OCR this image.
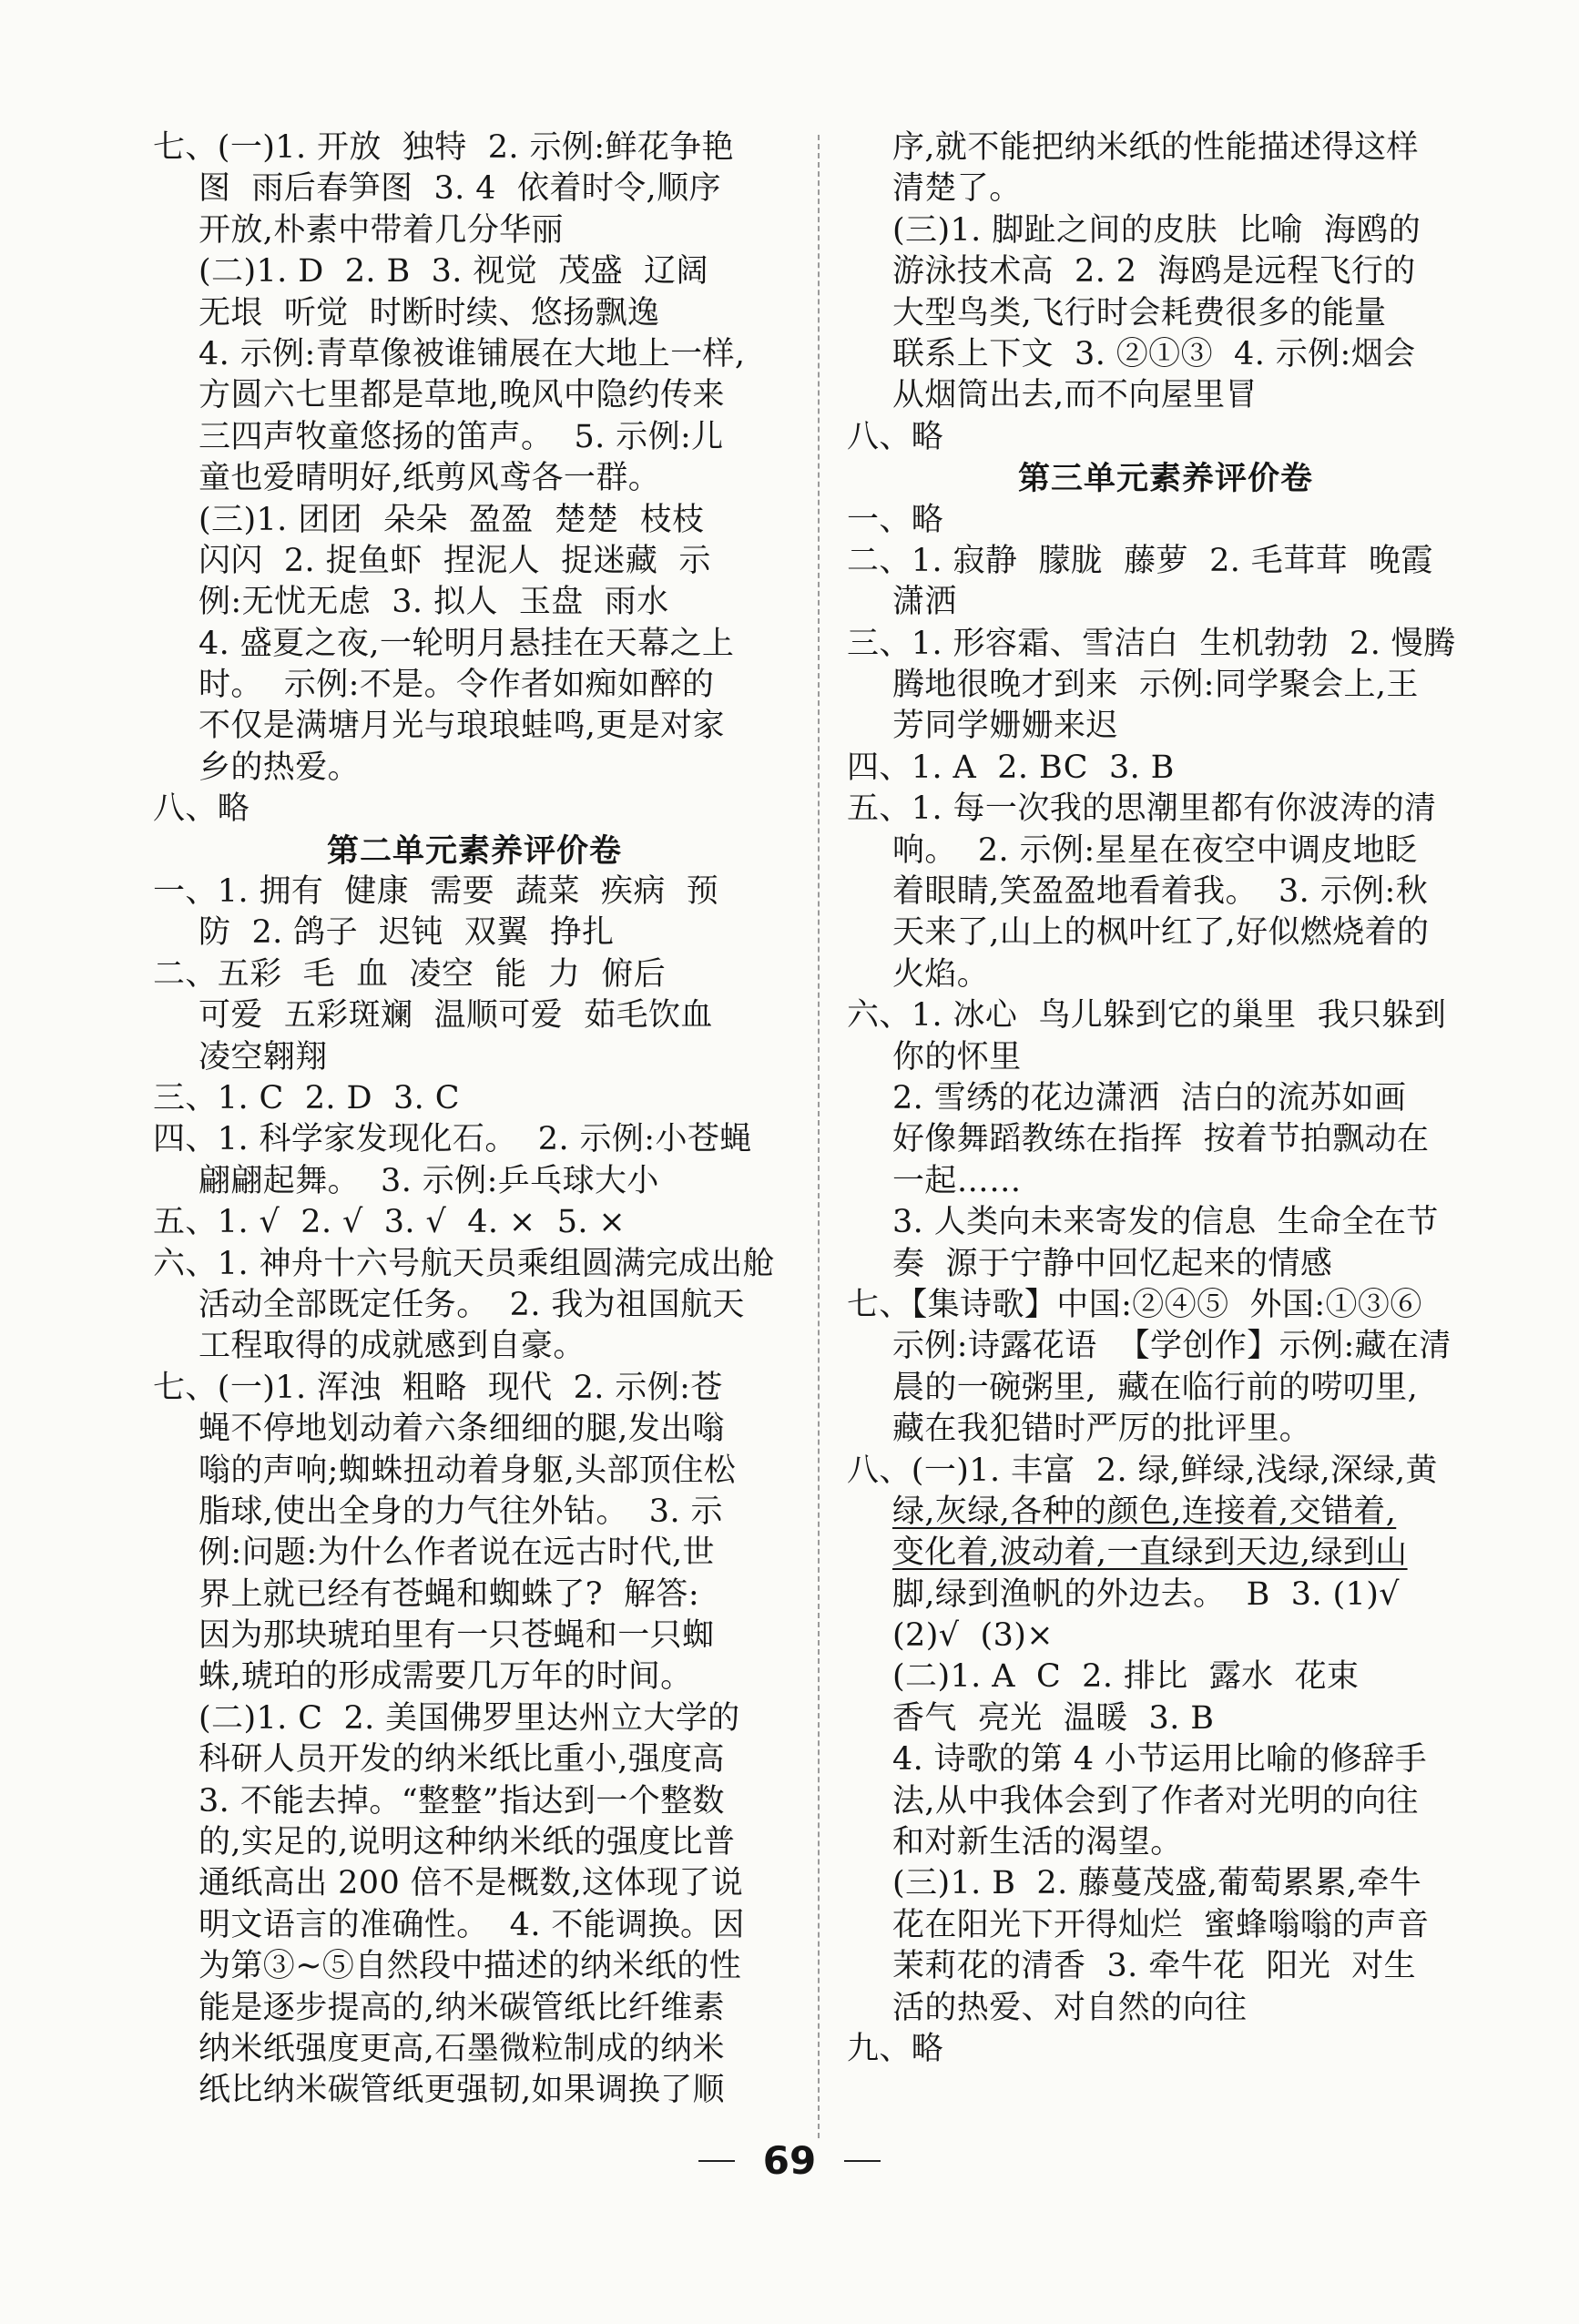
七、(一)1. 开放  独特  2. 示例:鲜花争艳
图  雨后春笋图  3. 4  依着时令,顺序
开放,朴素中带着几分华丽
(二)1. D  2. B  3. 视觉  茂盛  辽阔
无垠  听觉  时断时续、悠扬飘逸
4. 示例:青草像被谁铺展在大地上一样,
方圆六七里都是草地,晚风中隐约传来
三四声牧童悠扬的笛声。  5. 示例:儿
童也爱晴明好,纸剪风鸢各一群。
(三)1. 团团  朵朵  盈盈  楚楚  枝枝
闪闪  2. 捉鱼虾  捏泥人  捉迷藏  示
例:无忧无虑  3. 拟人  玉盘  雨水
4. 盛夏之夜,一轮明月悬挂在天幕之上
时。  示例:不是。令作者如痴如醉的
不仅是满塘月光与琅琅蛙鸣,更是对家
乡的热爱。
八、略
第二单元素养评价卷
一、1. 拥有  健康  需要  蔬菜  疾病  预
防  2. 鸽子  迟钝  双翼  挣扎
二、五彩  毛  血  凌空  能  力  俯后
可爱  五彩斑斓  温顺可爱  茹毛饮血
凌空翱翔
三、1. C  2. D  3. C
四、1. 科学家发现化石。  2. 示例:小苍蝇
翩翩起舞。  3. 示例:乒乓球大小
五、1. √  2. √  3. √  4. ×  5. ×
六、1. 神舟十六号航天员乘组圆满完成出舱
活动全部既定任务。  2. 我为祖国航天
工程取得的成就感到自豪。
七、(一)1. 浑浊  粗略  现代  2. 示例:苍
蝇不停地划动着六条细细的腿,发出嗡
嗡的声响;蜘蛛扭动着身躯,头部顶住松
脂球,使出全身的力气往外钻。  3. 示
例:问题:为什么作者说在远古时代,世
界上就已经有苍蝇和蜘蛛了?  解答:
因为那块琥珀里有一只苍蝇和一只蜘
蛛,琥珀的形成需要几万年的时间。
(二)1. C  2. 美国佛罗里达州立大学的
科研人员开发的纳米纸比重小,强度高
3. 不能去掉。“整整”指达到一个整数
的,实足的,说明这种纳米纸的强度比普
通纸高出 200 倍不是概数,这体现了说
明文语言的准确性。  4. 不能调换。因
为第③~⑤自然段中描述的纳米纸的性
能是逐步提高的,纳米碳管纸比纤维素
纳米纸强度更高,石墨微粒制成的纳米
纸比纳米碳管纸更强韧,如果调换了顺
序,就不能把纳米纸的性能描述得这样
清楚了。
(三)1. 脚趾之间的皮肤  比喻  海鸥的
游泳技术高  2. 2  海鸥是远程飞行的
大型鸟类,飞行时会耗费很多的能量
联系上下文  3. ②①③  4. 示例:烟会
从烟筒出去,而不向屋里冒
八、略
第三单元素养评价卷
一、略
二、1. 寂静  朦胧  藤萝  2. 毛茸茸  晚霞
潇洒
三、1. 形容霜、雪洁白  生机勃勃  2. 慢腾
腾地很晚才到来  示例:同学聚会上,王
芳同学姗姗来迟
四、1. A  2. BC  3. B
五、1. 每一次我的思潮里都有你波涛的清
响。  2. 示例:星星在夜空中调皮地眨
着眼睛,笑盈盈地看着我。  3. 示例:秋
天来了,山上的枫叶红了,好似燃烧着的
火焰。
六、1. 冰心  鸟儿躲到它的巢里  我只躲到
你的怀里
2. 雪绣的花边潇洒  洁白的流苏如画
好像舞蹈教练在指挥  按着节拍飘动在
一起……
3. 人类向未来寄发的信息  生命全在节
奏  源于宁静中回忆起来的情感
七、【集诗歌】中国:②④⑤  外国:①③⑥
示例:诗露花语  【学创作】示例:藏在清
晨的一碗粥里,  藏在临行前的唠叨里,
藏在我犯错时严厉的批评里。
八、(一)1. 丰富  2. 绿,鲜绿,浅绿,深绿,黄
绿,灰绿,各种的颜色,连接着,交错着,
变化着,波动着,一直绿到天边,绿到山
脚,绿到渔帆的外边去。  B  3. (1)√
(2)√  (3)×
(二)1. A  C  2. 排比  露水  花束
香气  亮光  温暖  3. B
4. 诗歌的第 4 小节运用比喻的修辞手
法,从中我体会到了作者对光明的向往
和对新生活的渴望。
(三)1. B  2. 藤蔓茂盛,葡萄累累,牵牛
花在阳光下开得灿烂  蜜蜂嗡嗡的声音
茉莉花的清香  3. 牵牛花  阳光  对生
活的热爱、对自然的向往
九、略
69
